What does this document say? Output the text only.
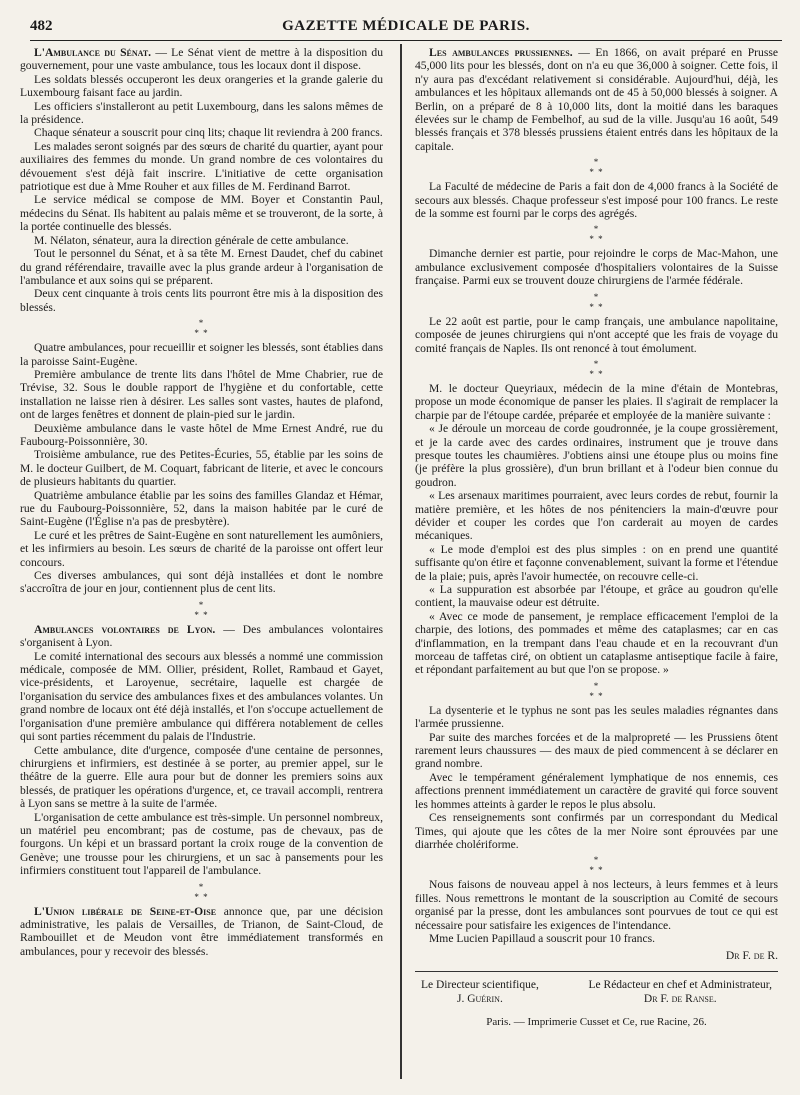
482	GAZETTE MÉDICALE DE PARIS.

L'Ambulance du Sénat. — Le Sénat vient de mettre à la disposition du gouvernement, pour une vaste ambulance, tous les locaux dont il dispose.

Les soldats blessés occuperont les deux orangeries et la grande galerie du Luxembourg faisant face au jardin.

Les officiers s'installeront au petit Luxembourg, dans les salons mêmes de la présidence.

Chaque sénateur a souscrit pour cinq lits; chaque lit reviendra à 200 francs.

Les malades seront soignés par des sœurs de charité du quartier, ayant pour auxiliaires des femmes du monde. Un grand nombre de ces volontaires du dévouement s'est déjà fait inscrire. L'initiative de cette organisation patriotique est due à Mme Rouher et aux filles de M. Ferdinand Barrot.

Le service médical se compose de MM. Boyer et Constantin Paul, médecins du Sénat. Ils habitent au palais même et se trouveront, de la sorte, à la portée continuelle des blessés.

M. Nélaton, sénateur, aura la direction générale de cette ambulance.

Tout le personnel du Sénat, et à sa tête M. Ernest Daudet, chef du cabinet du grand référendaire, travaille avec la plus grande ardeur à l'organisation de l'ambulance et aux soins qui se préparent.

Deux cent cinquante à trois cents lits pourront être mis à la disposition des blessés.

*
* *

Quatre ambulances, pour recueillir et soigner les blessés, sont établies dans la paroisse Saint-Eugène.

Première ambulance de trente lits dans l'hôtel de Mme Chabrier, rue de Trévise, 32. Sous le double rapport de l'hygiène et du confortable, cette installation ne laisse rien à désirer. Les salles sont vastes, hautes de plafond, ont de larges fenêtres et donnent de plain-pied sur le jardin.

Deuxième ambulance dans le vaste hôtel de Mme Ernest André, rue du Faubourg-Poissonnière, 30.

Troisième ambulance, rue des Petites-Écuries, 55, établie par les soins de M. le docteur Guilbert, de M. Coquart, fabricant de literie, et avec le concours de plusieurs habitants du quartier.

Quatrième ambulance établie par les soins des familles Glandaz et Hémar, rue du Faubourg-Poissonnière, 52, dans la maison habitée par le curé de Saint-Eugène (l'Église n'a pas de presbytère).

Le curé et les prêtres de Saint-Eugène en sont naturellement les aumôniers, et les infirmiers au besoin. Les sœurs de charité de la paroisse ont offert leur concours.

Ces diverses ambulances, qui sont déjà installées et dont le nombre s'accroîtra de jour en jour, contiennent plus de cent lits.

*
* *

Ambulances volontaires de Lyon. — Des ambulances volontaires s'organisent à Lyon.

Le comité international des secours aux blessés a nommé une commission médicale, composée de MM. Ollier, président, Rollet, Rambaud et Gayet, vice-présidents, et Laroyenue, secrétaire, laquelle est chargée de l'organisation du service des ambulances fixes et des ambulances volantes. Un grand nombre de locaux ont été déjà installés, et l'on s'occupe actuellement de l'organisation d'une première ambulance qui différera notablement de celles qui sont parties récemment du palais de l'Industrie.

Cette ambulance, dite d'urgence, composée d'une centaine de personnes, chirurgiens et infirmiers, est destinée à se porter, au premier appel, sur le théâtre de la guerre. Elle aura pour but de donner les premiers soins aux blessés, de pratiquer les opérations d'urgence, et, ce travail accompli, rentrera à Lyon sans se mettre à la suite de l'armée.

L'organisation de cette ambulance est très-simple. Un personnel nombreux, un matériel peu encombrant; pas de costume, pas de chevaux, pas de fourgons. Un képi et un brassard portant la croix rouge de la convention de Genève; une trousse pour les chirurgiens, et un sac à pansements pour les infirmiers constituent tout l'appareil de l'ambulance.

*
* *

L'Union libérale de Seine-et-Oise annonce que, par une décision administrative, les palais de Versailles, de Trianon, de Saint-Cloud, de Rambouillet et de Meudon vont être immédiatement transformés en ambulances, pour y recevoir des blessés.

Les ambulances prussiennes. — En 1866, on avait préparé en Prusse 45,000 lits pour les blessés, dont on n'a eu que 36,000 à soigner. Cette fois, il n'y aura pas d'excédant relativement si considérable. Aujourd'hui, déjà, les ambulances et les hôpitaux allemands ont de 45 à 50,000 blessés à soigner. A Berlin, on a préparé de 8 à 10,000 lits, dont la moitié dans les baraques élevées sur le champ de Fembelhof, au sud de la ville. Jusqu'au 16 août, 549 blessés français et 378 blessés prussiens étaient entrés dans les hôpitaux de la capitale.

*
* *

La Faculté de médecine de Paris a fait don de 4,000 francs à la Société de secours aux blessés. Chaque professeur s'est imposé pour 100 francs. Le reste de la somme est fourni par le corps des agrégés.

*
* *

Dimanche dernier est partie, pour rejoindre le corps de Mac-Mahon, une ambulance exclusivement composée d'hospitaliers volontaires de la Suisse française. Parmi eux se trouvent douze chirurgiens de l'armée fédérale.

*
* *

Le 22 août est partie, pour le camp français, une ambulance napolitaine, composée de jeunes chirurgiens qui n'ont accepté que les frais de voyage du comité français de Naples. Ils ont renoncé à tout émolument.

*
* *

M. le docteur Queyriaux, médecin de la mine d'étain de Montebras, propose un mode économique de panser les plaies. Il s'agirait de remplacer la charpie par de l'étoupe cardée, préparée et employée de la manière suivante :

« Je déroule un morceau de corde goudronnée, je la coupe grossièrement, et je la carde avec des cardes ordinaires, instrument que je trouve dans presque toutes les chaumières. J'obtiens ainsi une étoupe plus ou moins fine (je préfère la plus grossière), d'un brun brillant et à l'odeur bien connue du goudron.

« Les arsenaux maritimes pourraient, avec leurs cordes de rebut, fournir la matière première, et les hôtes de nos pénitenciers la main-d'œuvre pour dévider et couper les cordes que l'on carderait au moyen de cardes mécaniques.

« Le mode d'emploi est des plus simples : on en prend une quantité suffisante qu'on étire et façonne convenablement, suivant la forme et l'étendue de la plaie; puis, après l'avoir humectée, on recouvre celle-ci.

« La suppuration est absorbée par l'étoupe, et grâce au goudron qu'elle contient, la mauvaise odeur est détruite.

« Avec ce mode de pansement, je remplace efficacement l'emploi de la charpie, des lotions, des pommades et même des cataplasmes; car en cas d'inflammation, en la trempant dans l'eau chaude et en la recouvrant d'un morceau de taffetas ciré, on obtient un cataplasme antiseptique facile à faire, et répondant parfaitement au but que l'on se propose. »

*
* *

La dysenterie et le typhus ne sont pas les seules maladies régnantes dans l'armée prussienne.

Par suite des marches forcées et de la malpropreté — les Prussiens ôtent rarement leurs chaussures — des maux de pied commencent à se déclarer en grand nombre.

Avec le tempérament généralement lymphatique de nos ennemis, ces affections prennent immédiatement un caractère de gravité qui force souvent les hommes atteints à garder le repos le plus absolu.

Ces renseignements sont confirmés par un correspondant du Medical Times, qui ajoute que les côtes de la mer Noire sont éprouvées par une diarrhée cholériforme.

*
* *

Nous faisons de nouveau appel à nos lecteurs, à leurs femmes et à leurs filles. Nous remettrons le montant de la souscription au Comité de secours organisé par la presse, dont les ambulances sont pourvues de tout ce qui est nécessaire pour satisfaire les exigences de l'intendance.

Mme Lucien Papillaud a souscrit pour 10 francs.

Dr F. de R.
Le Directeur scientifique,
J. Guérin.
Le Rédacteur en chef et Administrateur,
Dr F. de Ranse.
Paris. — Imprimerie Cusset et Ce, rue Racine, 26.
